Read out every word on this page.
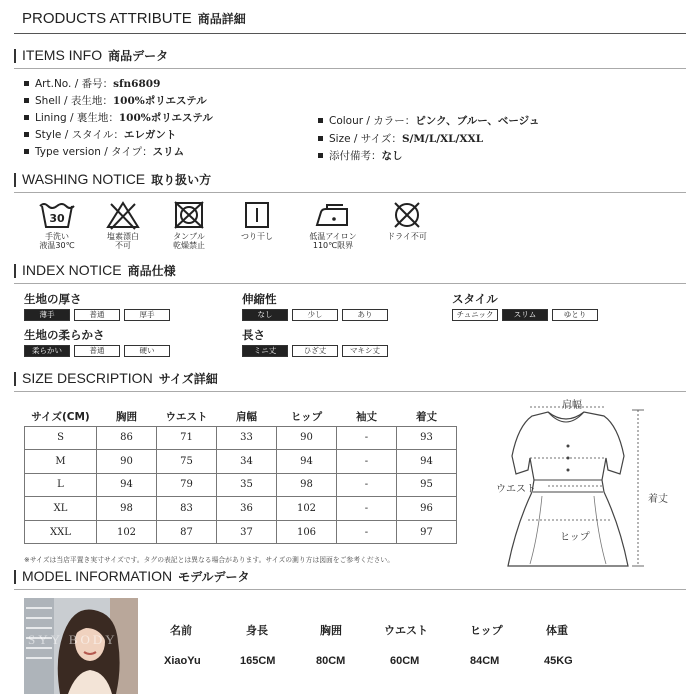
PRODUCTS ATTRIBUTE 商品詳細
ITEMS INFO 商品データ
Art.No. / 番号：sfn6809
Shell / 表生地：100%ポリエステル
Lining / 裏生地：100%ポリエステル
Style / スタイル：エレガント
Type version / タイプ：スリム
Colour / カラー：ピンク、ブルー、ベージュ
Size / サイズ：S/M/L/XL/XXL
添付備考：なし
WASHING NOTICE 取り扱い方
30
手洗い
液温30℃
塩素漂白
不可
タンブル
乾燥禁止
つり干し	低温アイロン
110℃限界
ドライ不可
INDEX NOTICE 商品仕様
生地の厚さ
薄手	普通	厚手
伸縮性
なし	少し	あり
スタイル
チュニック	スリム	ゆとり
生地の柔らかさ
柔らかい	普通	硬い
長さ
ミニ丈	ひざ丈	マキシ丈
SIZE DESCRIPTION サイズ詳細
サイズ(CM)	胸囲	ウエスト	肩幅	ヒップ	袖丈	着丈
S	86	71	33	90	-	93
M	90	75	34	94	-	94
L	94	79	35	98	-	95
XL	98	83	36	102	-	96
XXL	102	87	37	106	-	97
※サイズは当店平置き実寸サイズです。タグの表記とは異なる場合があります。サイズの測り方は図面をご参考ください。
肩幅
ウエスト
着丈
ヒップ
MODEL INFORMATION モデルデータ
SYY BODY
名前	身長	胸囲	ウエスト	ヒップ	体重
XiaoYu	165CM	80CM	60CM	84CM	45KG
